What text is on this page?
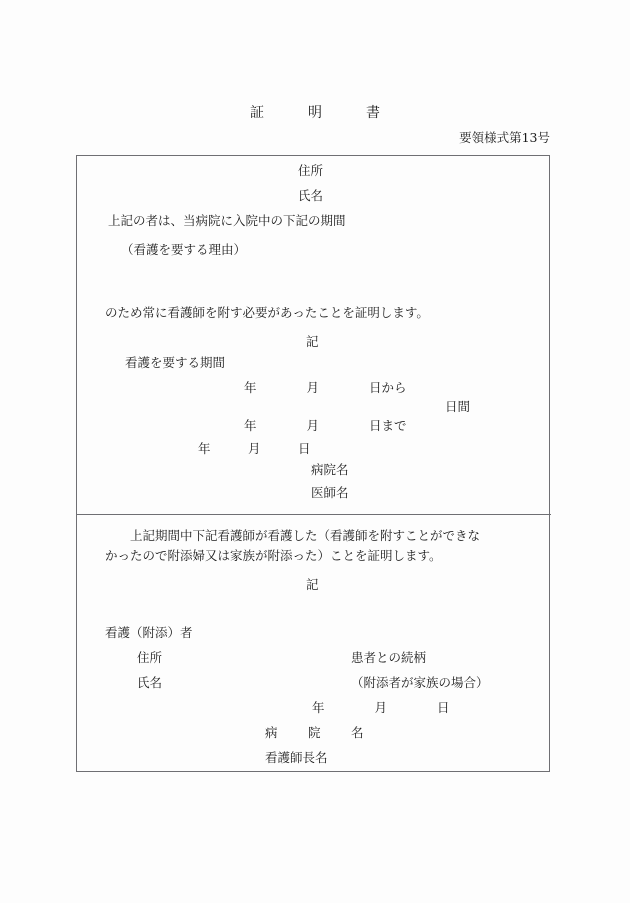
証	明	書
要領様式第13号
住所
氏名
上記の者は、当病院に入院中の下記の期間
（看護を要する理由）
のため常に看護師を附す必要があったことを証明します。
記
看護を要する期間
年　　　　月　　　　日から
日間
年　　　　月　　　　日まで
年　　　月　　　日
病院名
医師名
　　上記期間中下記看護師が看護した（看護師を附すことができな
かったので附添婦又は家族が附添った）ことを証明します。
記
看護（附添）者
住所	患者との続柄
氏名	（附添者が家族の場合）
年　　　　月　　　　日
病　院　名
看護師長名
